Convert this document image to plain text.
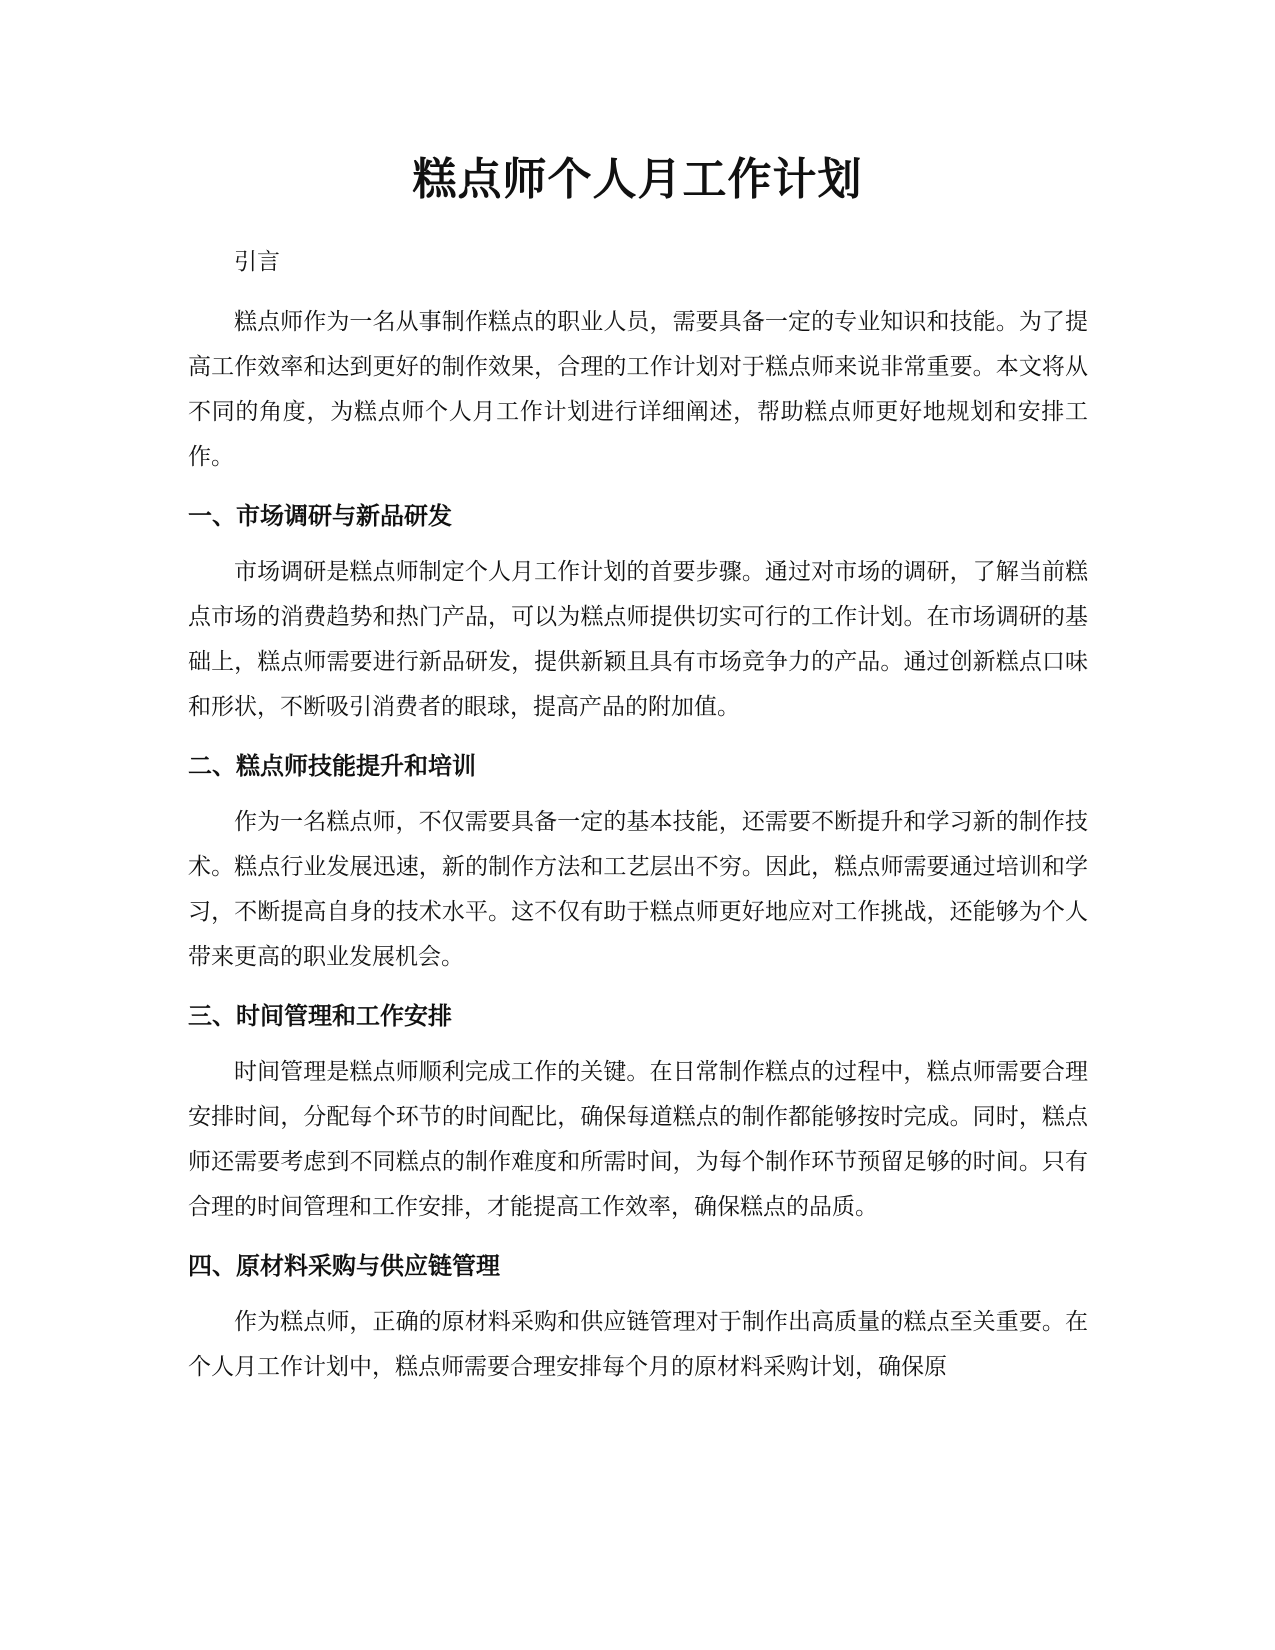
糕点师个人月工作计划

引言

糕点师作为一名从事制作糕点的职业人员，需要具备一定的专业知识和技能。为了提高工作效率和达到更好的制作效果，合理的工作计划对于糕点师来说非常重要。本文将从不同的角度，为糕点师个人月工作计划进行详细阐述，帮助糕点师更好地规划和安排工作。

一、市场调研与新品研发

市场调研是糕点师制定个人月工作计划的首要步骤。通过对市场的调研，了解当前糕点市场的消费趋势和热门产品，可以为糕点师提供切实可行的工作计划。在市场调研的基础上，糕点师需要进行新品研发，提供新颖且具有市场竞争力的产品。通过创新糕点口味和形状，不断吸引消费者的眼球，提高产品的附加值。

二、糕点师技能提升和培训

作为一名糕点师，不仅需要具备一定的基本技能，还需要不断提升和学习新的制作技术。糕点行业发展迅速，新的制作方法和工艺层出不穷。因此，糕点师需要通过培训和学习，不断提高自身的技术水平。这不仅有助于糕点师更好地应对工作挑战，还能够为个人带来更高的职业发展机会。

三、时间管理和工作安排

时间管理是糕点师顺利完成工作的关键。在日常制作糕点的过程中，糕点师需要合理安排时间，分配每个环节的时间配比，确保每道糕点的制作都能够按时完成。同时，糕点师还需要考虑到不同糕点的制作难度和所需时间，为每个制作环节预留足够的时间。只有合理的时间管理和工作安排，才能提高工作效率，确保糕点的品质。

四、原材料采购与供应链管理

作为糕点师，正确的原材料采购和供应链管理对于制作出高质量的糕点至关重要。在个人月工作计划中，糕点师需要合理安排每个月的原材料采购计划，确保原
